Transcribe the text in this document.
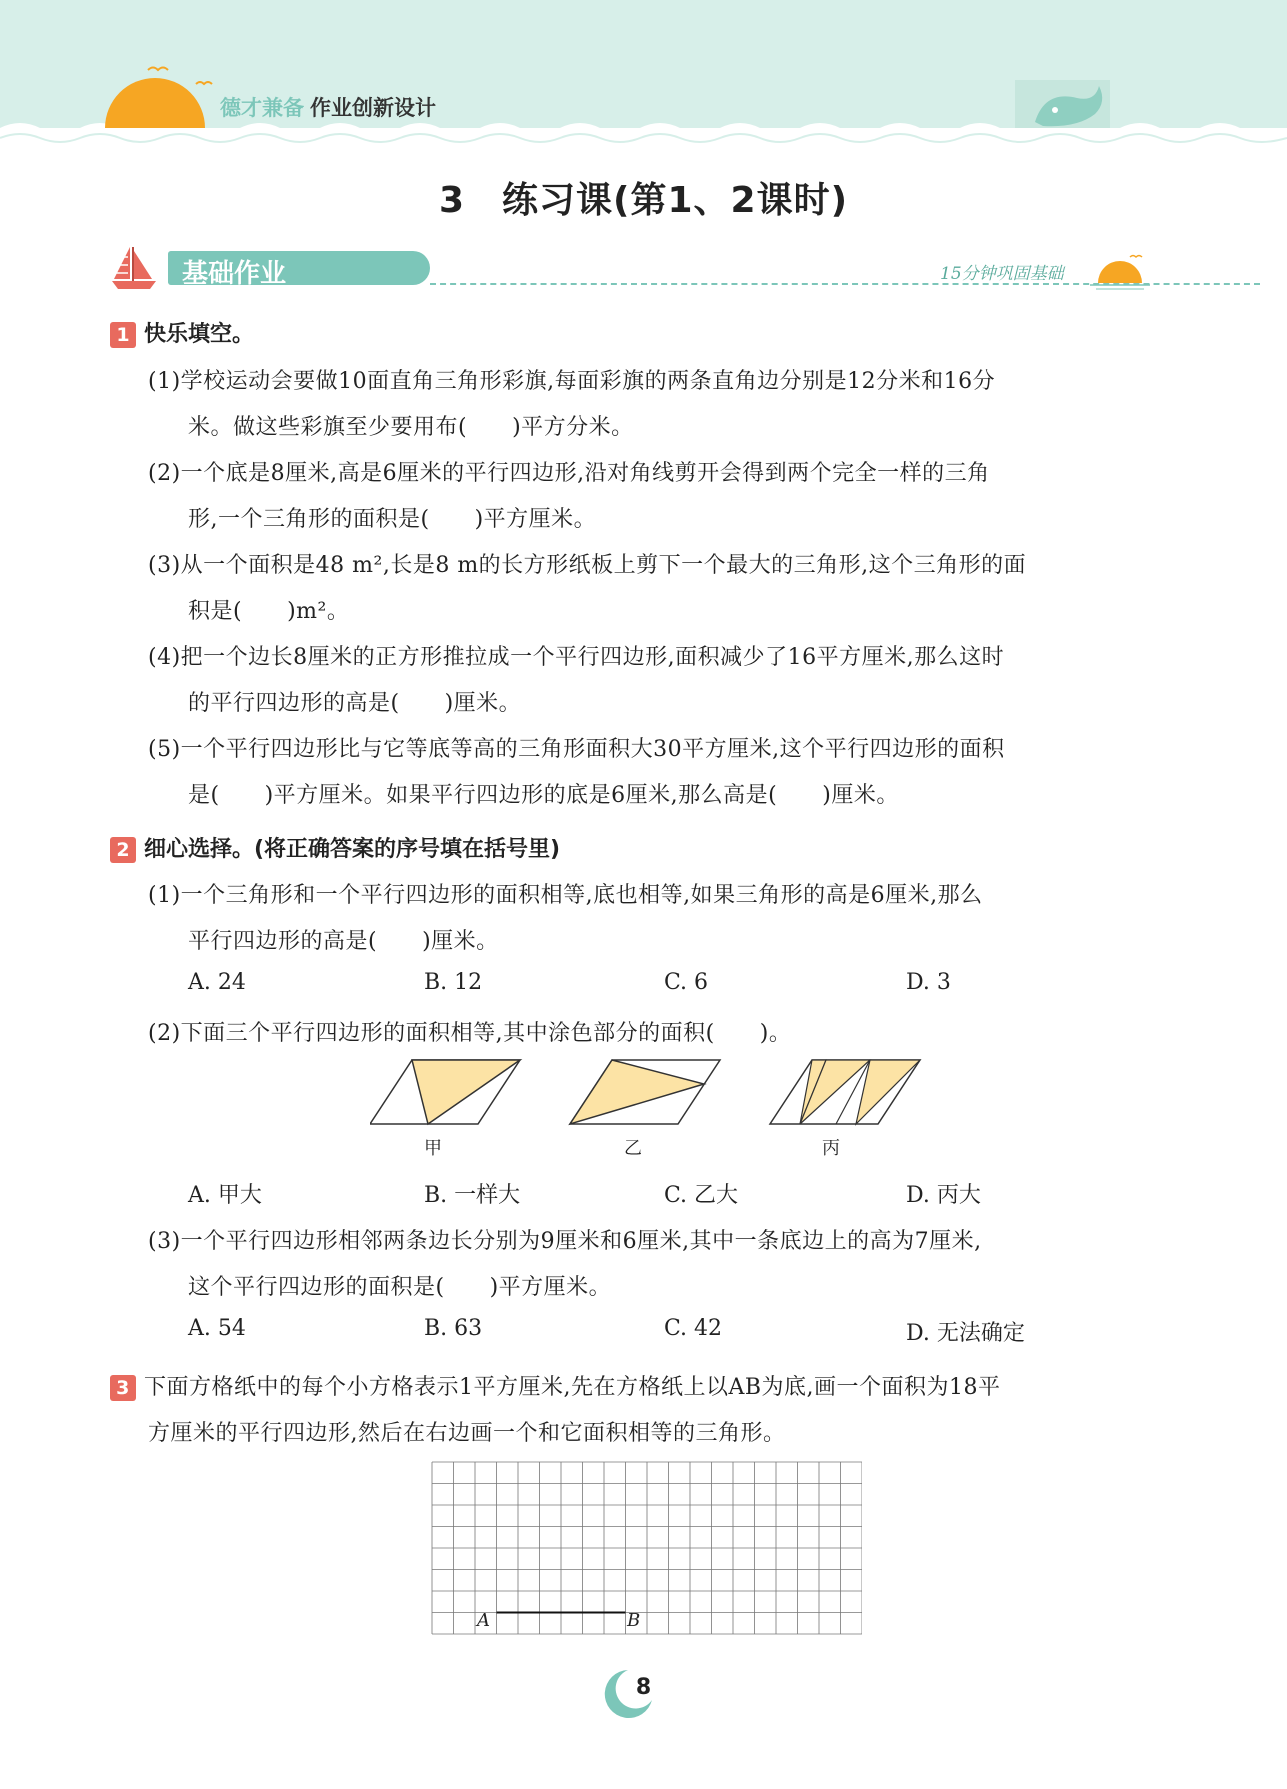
德才兼备 作业创新设计
3　练习课(第1、2课时)
基础作业	15分钟巩固基础
1 快乐填空。
(1)学校运动会要做10面直角三角形彩旗,每面彩旗的两条直角边分别是12分米和16分
米。做这些彩旗至少要用布(　　)平方分米。
(2)一个底是8厘米,高是6厘米的平行四边形,沿对角线剪开会得到两个完全一样的三角
形,一个三角形的面积是(　　)平方厘米。
(3)从一个面积是48 m²,长是8 m的长方形纸板上剪下一个最大的三角形,这个三角形的面
积是(　　)m²。
(4)把一个边长8厘米的正方形推拉成一个平行四边形,面积减少了16平方厘米,那么这时
的平行四边形的高是(　　)厘米。
(5)一个平行四边形比与它等底等高的三角形面积大30平方厘米,这个平行四边形的面积
是(　　)平方厘米。如果平行四边形的底是6厘米,那么高是(　　)厘米。
2 细心选择。(将正确答案的序号填在括号里)
(1)一个三角形和一个平行四边形的面积相等,底也相等,如果三角形的高是6厘米,那么
平行四边形的高是(　　)厘米。
A. 24	B. 12	C. 6	D. 3
(2)下面三个平行四边形的面积相等,其中涂色部分的面积(　　)。
甲	乙	丙
A. 甲大	B. 一样大	C. 乙大	D. 丙大
(3)一个平行四边形相邻两条边长分别为9厘米和6厘米,其中一条底边上的高为7厘米,
这个平行四边形的面积是(　　)平方厘米。
A. 54	B. 63	C. 42	D. 无法确定
3 下面方格纸中的每个小方格表示1平方厘米,先在方格纸上以AB为底,画一个面积为18平
方厘米的平行四边形,然后在右边画一个和它面积相等的三角形。
A	B
8
